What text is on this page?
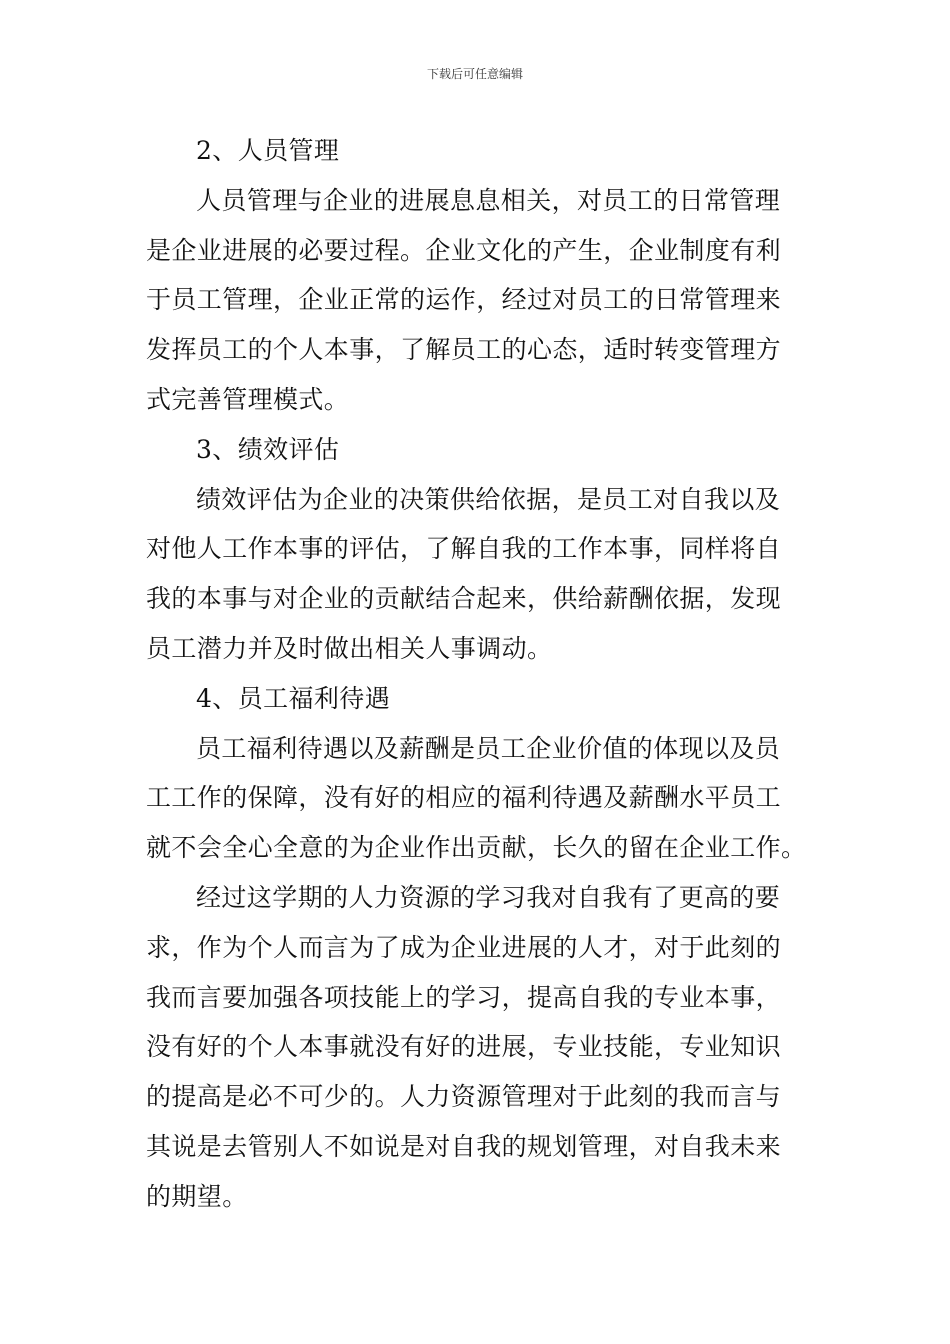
下载后可任意编辑
2、人员管理
人员管理与企业的进展息息相关，对员工的日常管理
是企业进展的必要过程。企业文化的产生，企业制度有利
于员工管理，企业正常的运作，经过对员工的日常管理来
发挥员工的个人本事，了解员工的心态，适时转变管理方
式完善管理模式。
3、绩效评估
绩效评估为企业的决策供给依据，是员工对自我以及
对他人工作本事的评估，了解自我的工作本事，同样将自
我的本事与对企业的贡献结合起来，供给薪酬依据，发现
员工潜力并及时做出相关人事调动。
4、员工福利待遇
员工福利待遇以及薪酬是员工企业价值的体现以及员
工工作的保障，没有好的相应的福利待遇及薪酬水平员工
就不会全心全意的为企业作出贡献，长久的留在企业工作。
经过这学期的人力资源的学习我对自我有了更高的要
求，作为个人而言为了成为企业进展的人才，对于此刻的
我而言要加强各项技能上的学习，提高自我的专业本事，
没有好的个人本事就没有好的进展，专业技能，专业知识
的提高是必不可少的。人力资源管理对于此刻的我而言与
其说是去管别人不如说是对自我的规划管理，对自我未来
的期望。
